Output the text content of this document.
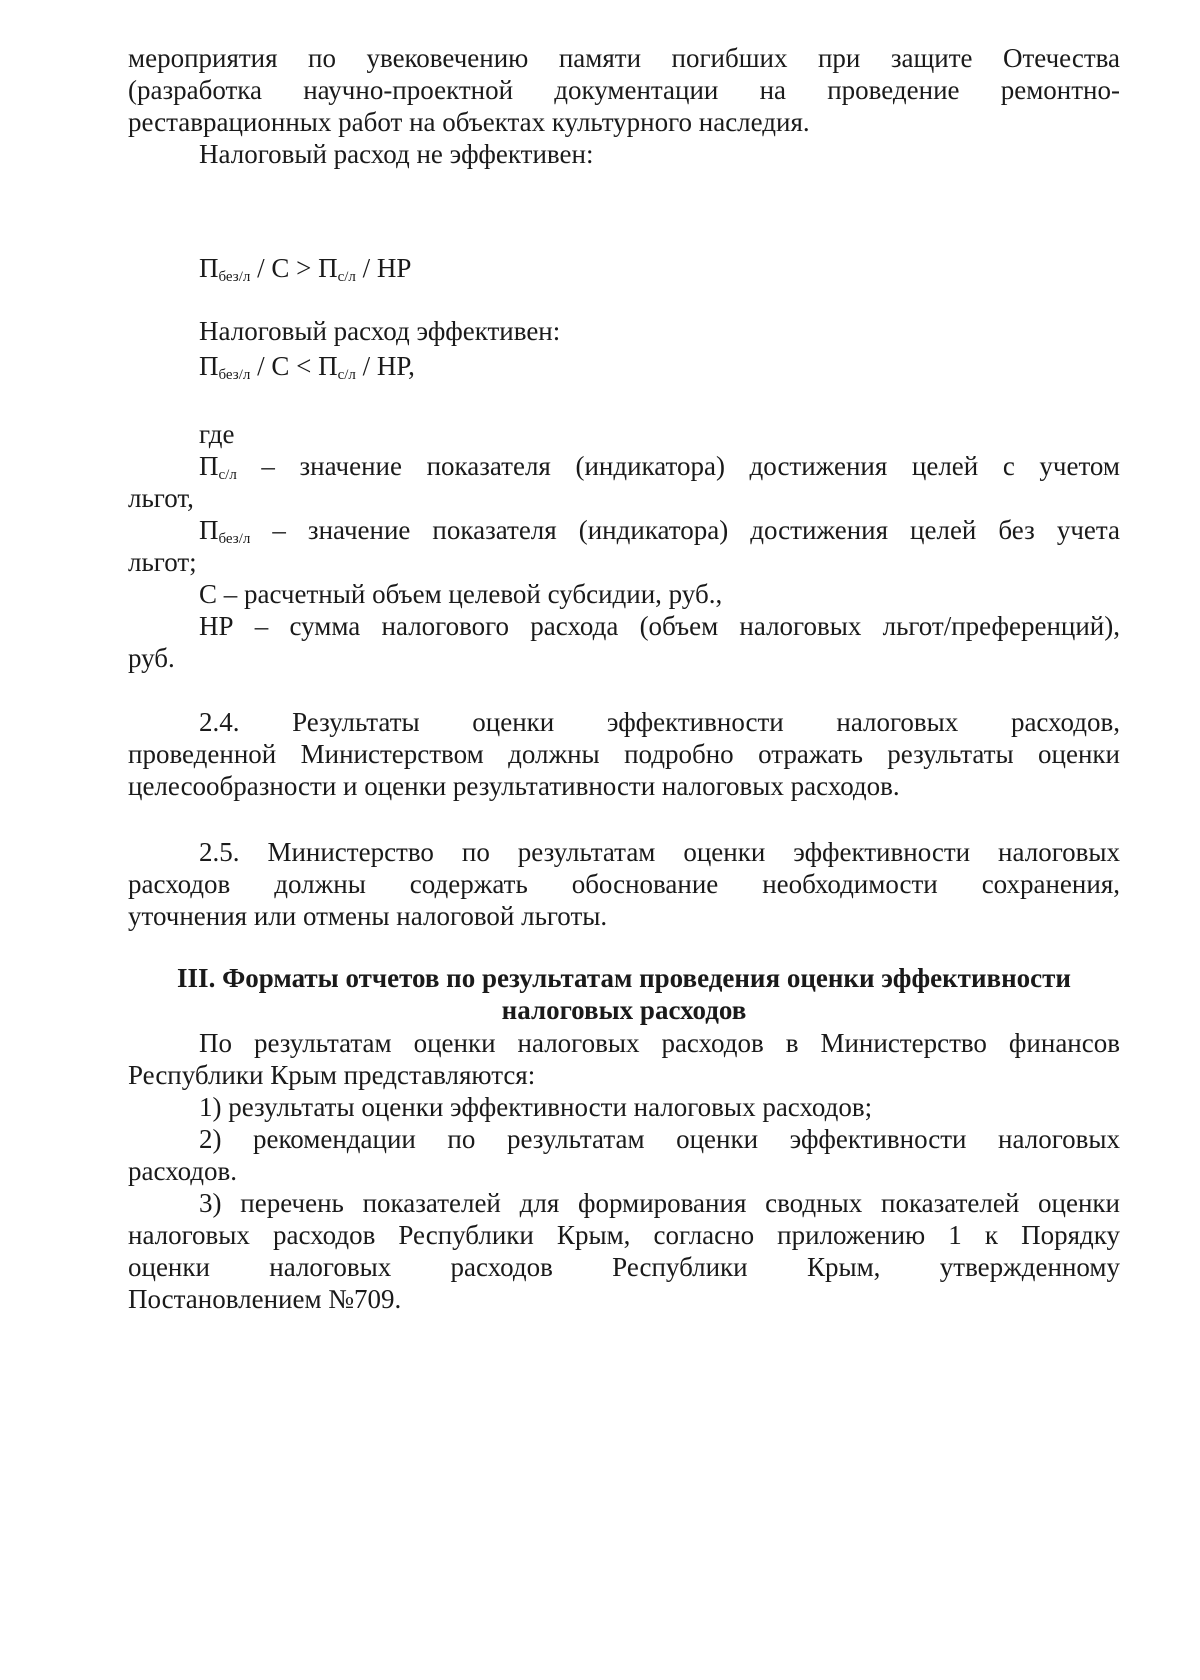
мероприятия по увековечению памяти погибших при защите Отечества
(разработка научно-проектной документации на проведение ремонтно-
реставрационных работ на объектах культурного наследия.
Налоговый расход не эффективен:
$П_{без/л} / С > П_{с/л}$ / НР
Налоговый расход эффективен:
$П_{без/л} / С < П_{с/л}$ / НР,
где
$П_{с/л}$ – значение показателя (индикатора) достижения целей с учетом
льгот,
$П_{без/л}$ – значение показателя (индикатора) достижения целей без учета
льгот;
С – расчетный объем целевой субсидии, руб.,
НР – сумма налогового расхода (объем налоговых льгот/преференций),
руб.
2.4. Результаты оценки эффективности налоговых расходов,
проведенной Министерством должны подробно отражать результаты оценки
целесообразности и оценки результативности налоговых расходов.
2.5. Министерство по результатам оценки эффективности налоговых
расходов должны содержать обоснование необходимости сохранения,
уточнения или отмены налоговой льготы.
III. Форматы отчетов по результатам проведения оценки эффективности
налоговых расходов
По результатам оценки налоговых расходов в Министерство финансов
Республики Крым представляются:
1) результаты оценки эффективности налоговых расходов;
2) рекомендации по результатам оценки эффективности налоговых
расходов.
3) перечень показателей для формирования сводных показателей оценки
налоговых расходов Республики Крым, согласно приложению 1 к Порядку
оценки налоговых расходов Республики Крым, утвержденному
Постановлением №709.
